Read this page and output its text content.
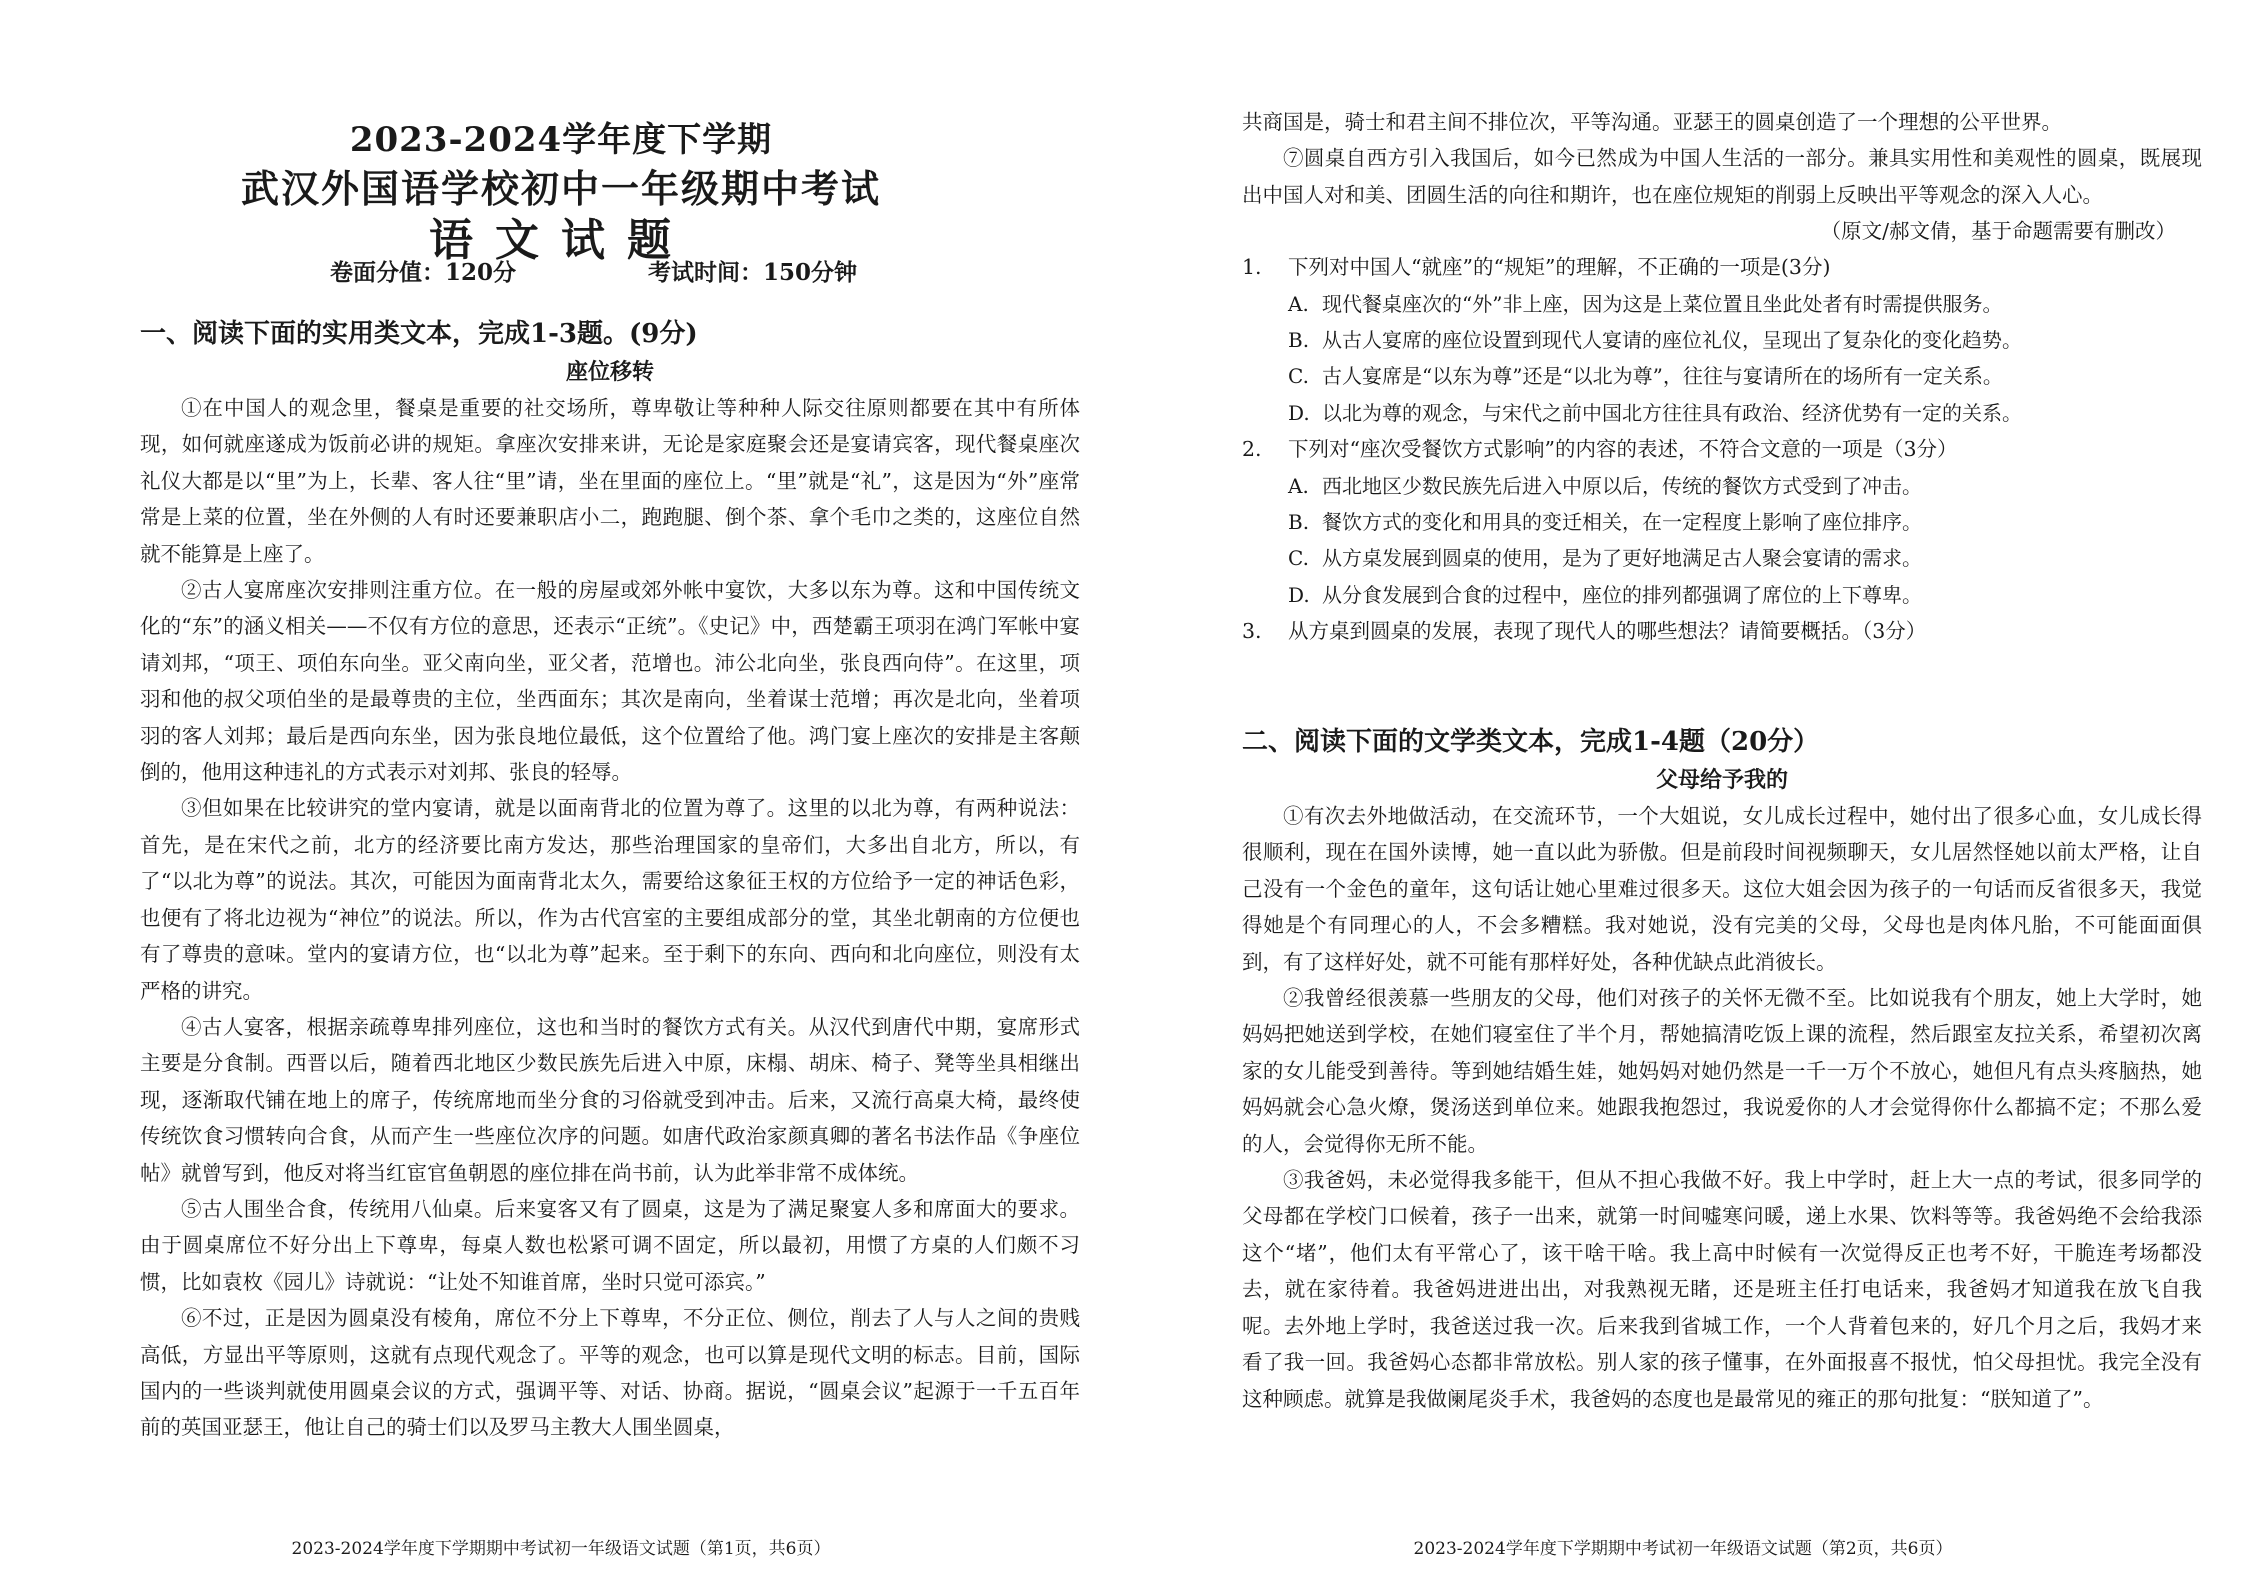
2023-2024学年度下学期

武汉外国语学校初中一年级期中考试

语文试题

卷面分值：120分	考试时间：150分钟

一、阅读下面的实用类文本，完成1-3题。(9分)

座位移转

①在中国人的观念里，餐桌是重要的社交场所，尊卑敬让等种种人际交往原则都要在其中有所体现，如何就座遂成为饭前必讲的规矩。拿座次安排来讲，无论是家庭聚会还是宴请宾客，现代餐桌座次礼仪大都是以“里”为上，长辈、客人往“里”请，坐在里面的座位上。“里”就是“礼”，这是因为“外”座常常是上菜的位置，坐在外侧的人有时还要兼职店小二，跑跑腿、倒个茶、拿个毛巾之类的，这座位自然就不能算是上座了。

②古人宴席座次安排则注重方位。在一般的房屋或郊外帐中宴饮，大多以东为尊。这和中国传统文化的“东”的涵义相关——不仅有方位的意思，还表示“正统”。《史记》中，西楚霸王项羽在鸿门军帐中宴请刘邦，“项王、项伯东向坐。亚父南向坐，亚父者，范增也。沛公北向坐，张良西向侍”。在这里，项羽和他的叔父项伯坐的是最尊贵的主位，坐西面东；其次是南向，坐着谋士范增；再次是北向，坐着项羽的客人刘邦；最后是西向东坐，因为张良地位最低，这个位置给了他。鸿门宴上座次的安排是主客颠倒的，他用这种违礼的方式表示对刘邦、张良的轻辱。

③但如果在比较讲究的堂内宴请，就是以面南背北的位置为尊了。这里的以北为尊，有两种说法：首先，是在宋代之前，北方的经济要比南方发达，那些治理国家的皇帝们，大多出自北方，所以，有了“以北为尊”的说法。其次，可能因为面南背北太久，需要给这象征王权的方位给予一定的神话色彩，也便有了将北边视为“神位”的说法。所以，作为古代宫室的主要组成部分的堂，其坐北朝南的方位便也有了尊贵的意味。堂内的宴请方位，也“以北为尊”起来。至于剩下的东向、西向和北向座位，则没有太严格的讲究。

④古人宴客，根据亲疏尊卑排列座位，这也和当时的餐饮方式有关。从汉代到唐代中期，宴席形式主要是分食制。西晋以后，随着西北地区少数民族先后进入中原，床榻、胡床、椅子、凳等坐具相继出现，逐渐取代铺在地上的席子，传统席地而坐分食的习俗就受到冲击。后来，又流行高桌大椅，最终使传统饮食习惯转向合食，从而产生一些座位次序的问题。如唐代政治家颜真卿的著名书法作品《争座位帖》就曾写到，他反对将当红宦官鱼朝恩的座位排在尚书前，认为此举非常不成体统。

⑤古人围坐合食，传统用八仙桌。后来宴客又有了圆桌，这是为了满足聚宴人多和席面大的要求。由于圆桌席位不好分出上下尊卑，每桌人数也松紧可调不固定，所以最初，用惯了方桌的人们颇不习惯，比如袁枚《园儿》诗就说：“让处不知谁首席，坐时只觉可添宾。”

⑥不过，正是因为圆桌没有棱角，席位不分上下尊卑，不分正位、侧位，削去了人与人之间的贵贱高低，方显出平等原则，这就有点现代观念了。平等的观念，也可以算是现代文明的标志。目前，国际国内的一些谈判就使用圆桌会议的方式，强调平等、对话、协商。据说，“圆桌会议”起源于一千五百年前的英国亚瑟王，他让自己的骑士们以及罗马主教大人围坐圆桌，

2023-2024学年度下学期期中考试初一年级语文试题（第1页，共6页）

共商国是，骑士和君主间不排位次，平等沟通。亚瑟王的圆桌创造了一个理想的公平世界。

⑦圆桌自西方引入我国后，如今已然成为中国人生活的一部分。兼具实用性和美观性的圆桌，既展现出中国人对和美、团圆生活的向往和期许，也在座位规矩的削弱上反映出平等观念的深入人心。

（原文/郝文倩，基于命题需要有删改）

1. 下列对中国人“就座”的“规矩”的理解，不正确的一项是(3分)

A. 现代餐桌座次的“外”非上座，因为这是上菜位置且坐此处者有时需提供服务。

B. 从古人宴席的座位设置到现代人宴请的座位礼仪，呈现出了复杂化的变化趋势。

C. 古人宴席是“以东为尊”还是“以北为尊”，往往与宴请所在的场所有一定关系。

D. 以北为尊的观念，与宋代之前中国北方往往具有政治、经济优势有一定的关系。

2. 下列对“座次受餐饮方式影响”的内容的表述，不符合文意的一项是（3分）

A. 西北地区少数民族先后进入中原以后，传统的餐饮方式受到了冲击。

B. 餐饮方式的变化和用具的变迁相关，在一定程度上影响了座位排序。

C. 从方桌发展到圆桌的使用，是为了更好地满足古人聚会宴请的需求。

D. 从分食发展到合食的过程中，座位的排列都强调了席位的上下尊卑。

3. 从方桌到圆桌的发展，表现了现代人的哪些想法？请简要概括。（3分）

二、阅读下面的文学类文本，完成1-4题（20分）

父母给予我的

①有次去外地做活动，在交流环节，一个大姐说，女儿成长过程中，她付出了很多心血，女儿成长得很顺利，现在在国外读博，她一直以此为骄傲。但是前段时间视频聊天，女儿居然怪她以前太严格，让自己没有一个金色的童年，这句话让她心里难过很多天。这位大姐会因为孩子的一句话而反省很多天，我觉得她是个有同理心的人，不会多糟糕。我对她说，没有完美的父母，父母也是肉体凡胎，不可能面面俱到，有了这样好处，就不可能有那样好处，各种优缺点此消彼长。

②我曾经很羡慕一些朋友的父母，他们对孩子的关怀无微不至。比如说我有个朋友，她上大学时，她妈妈把她送到学校，在她们寝室住了半个月，帮她搞清吃饭上课的流程，然后跟室友拉关系，希望初次离家的女儿能受到善待。等到她结婚生娃，她妈妈对她仍然是一千一万个不放心，她但凡有点头疼脑热，她妈妈就会心急火燎，煲汤送到单位来。她跟我抱怨过，我说爱你的人才会觉得你什么都搞不定；不那么爱的人，会觉得你无所不能。

③我爸妈，未必觉得我多能干，但从不担心我做不好。我上中学时，赶上大一点的考试，很多同学的父母都在学校门口候着，孩子一出来，就第一时间嘘寒问暖，递上水果、饮料等等。我爸妈绝不会给我添这个“堵”，他们太有平常心了，该干啥干啥。我上高中时候有一次觉得反正也考不好，干脆连考场都没去，就在家待着。我爸妈进进出出，对我熟视无睹，还是班主任打电话来，我爸妈才知道我在放飞自我呢。去外地上学时，我爸送过我一次。后来我到省城工作，一个人背着包来的，好几个月之后，我妈才来看了我一回。我爸妈心态都非常放松。别人家的孩子懂事，在外面报喜不报忧，怕父母担忧。我完全没有这种顾虑。就算是我做阑尾炎手术，我爸妈的态度也是最常见的雍正的那句批复：“朕知道了”。

2023-2024学年度下学期期中考试初一年级语文试题（第2页，共6页）
